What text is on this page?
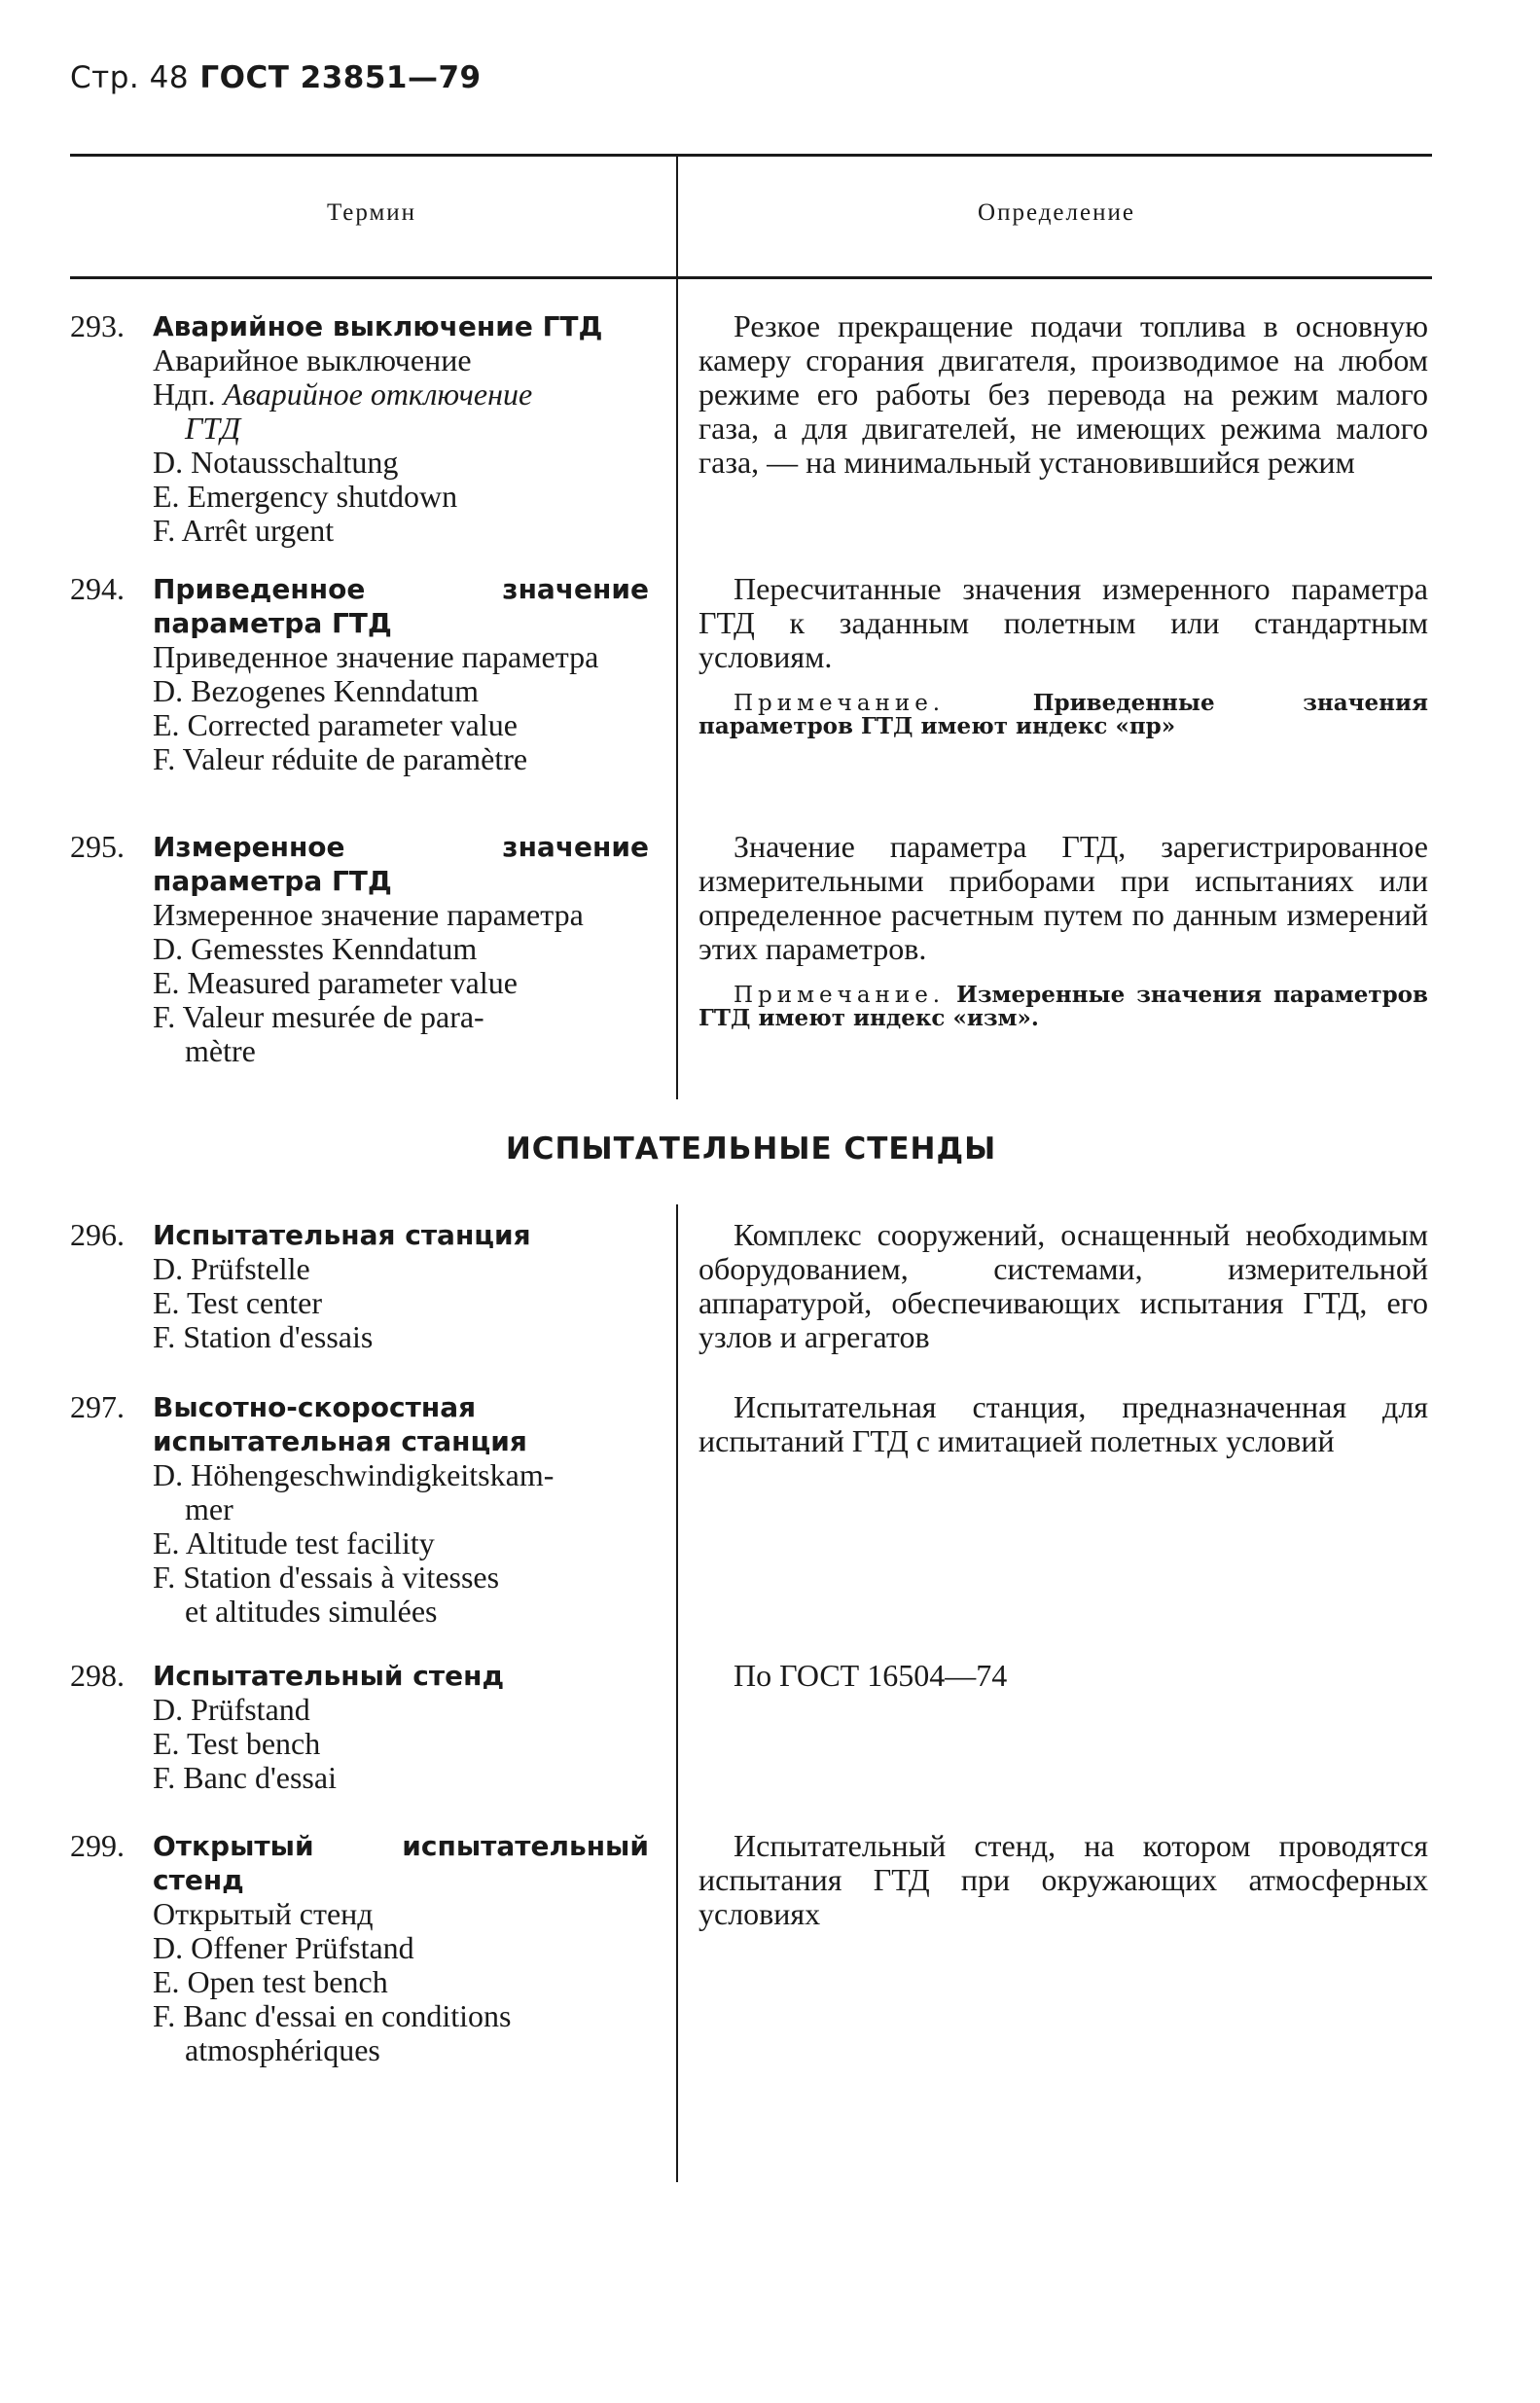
Стр. 48 ГОСТ 23851—79
Термин	Определение
293. Аварийное выключение ГТД
Аварийное выключение
Ндп. Аварийное отключение
ГТД
D. Notausschaltung
E. Emergency shutdown
F. Arrêt urgent
Резкое прекращение подачи топлива в основную камеру сгорания двигателя, производимое на любом режиме его работы без перевода на режим малого газа, а для двигателей, не имеющих режима малого газа, — на минимальный установившийся режим
294. Приведенное значение параметра ГТД
Приведенное значение параметра
D. Bezogenes Kenndatum
E. Corrected parameter value
F. Valeur réduite de paramètre
Пересчитанные значения измеренного параметра ГТД к заданным полетным или стандартным условиям.
Примечание.	Приведенные значения параметров ГТД имеют индекс «пр»
295. Измеренное значение параметра ГТД
Измеренное значение параметра
D. Gemesstes Kenndatum
E. Measured parameter value
F. Valeur mesurée de para-
mètre
Значение параметра ГТД, зарегистрированное измерительными приборами при испытаниях или определенное расчетным путем по данным измерений этих параметров.
Примечание. Измеренные значения параметров ГТД имеют индекс «изм».
ИСПЫТАТЕЛЬНЫЕ СТЕНДЫ
296. Испытательная станция
D. Prüfstelle
E. Test center
F. Station d'essais
Комплекс сооружений, оснащенный необходимым оборудованием, системами, измерительной аппаратурой, обеспечивающих испытания ГТД, его узлов и агрегатов
297. Высотно-скоростная испытательная станция
D. Höhengeschwindigkeitskam-
mer
E. Altitude test facility
F. Station d'essais à vitesses
et altitudes simulées
Испытательная станция, предназначенная для испытаний ГТД с имитацией полетных условий
298. Испытательный стенд
D. Prüfstand
E. Test bench
F. Banc d'essai
По ГОСТ 16504—74
299. Открытый испытательный стенд
Открытый стенд
D. Offener Prüfstand
E. Open test bench
F. Banc d'essai en conditions
atmosphériques
Испытательный стенд, на котором проводятся испытания ГТД при окружающих атмосферных условиях
